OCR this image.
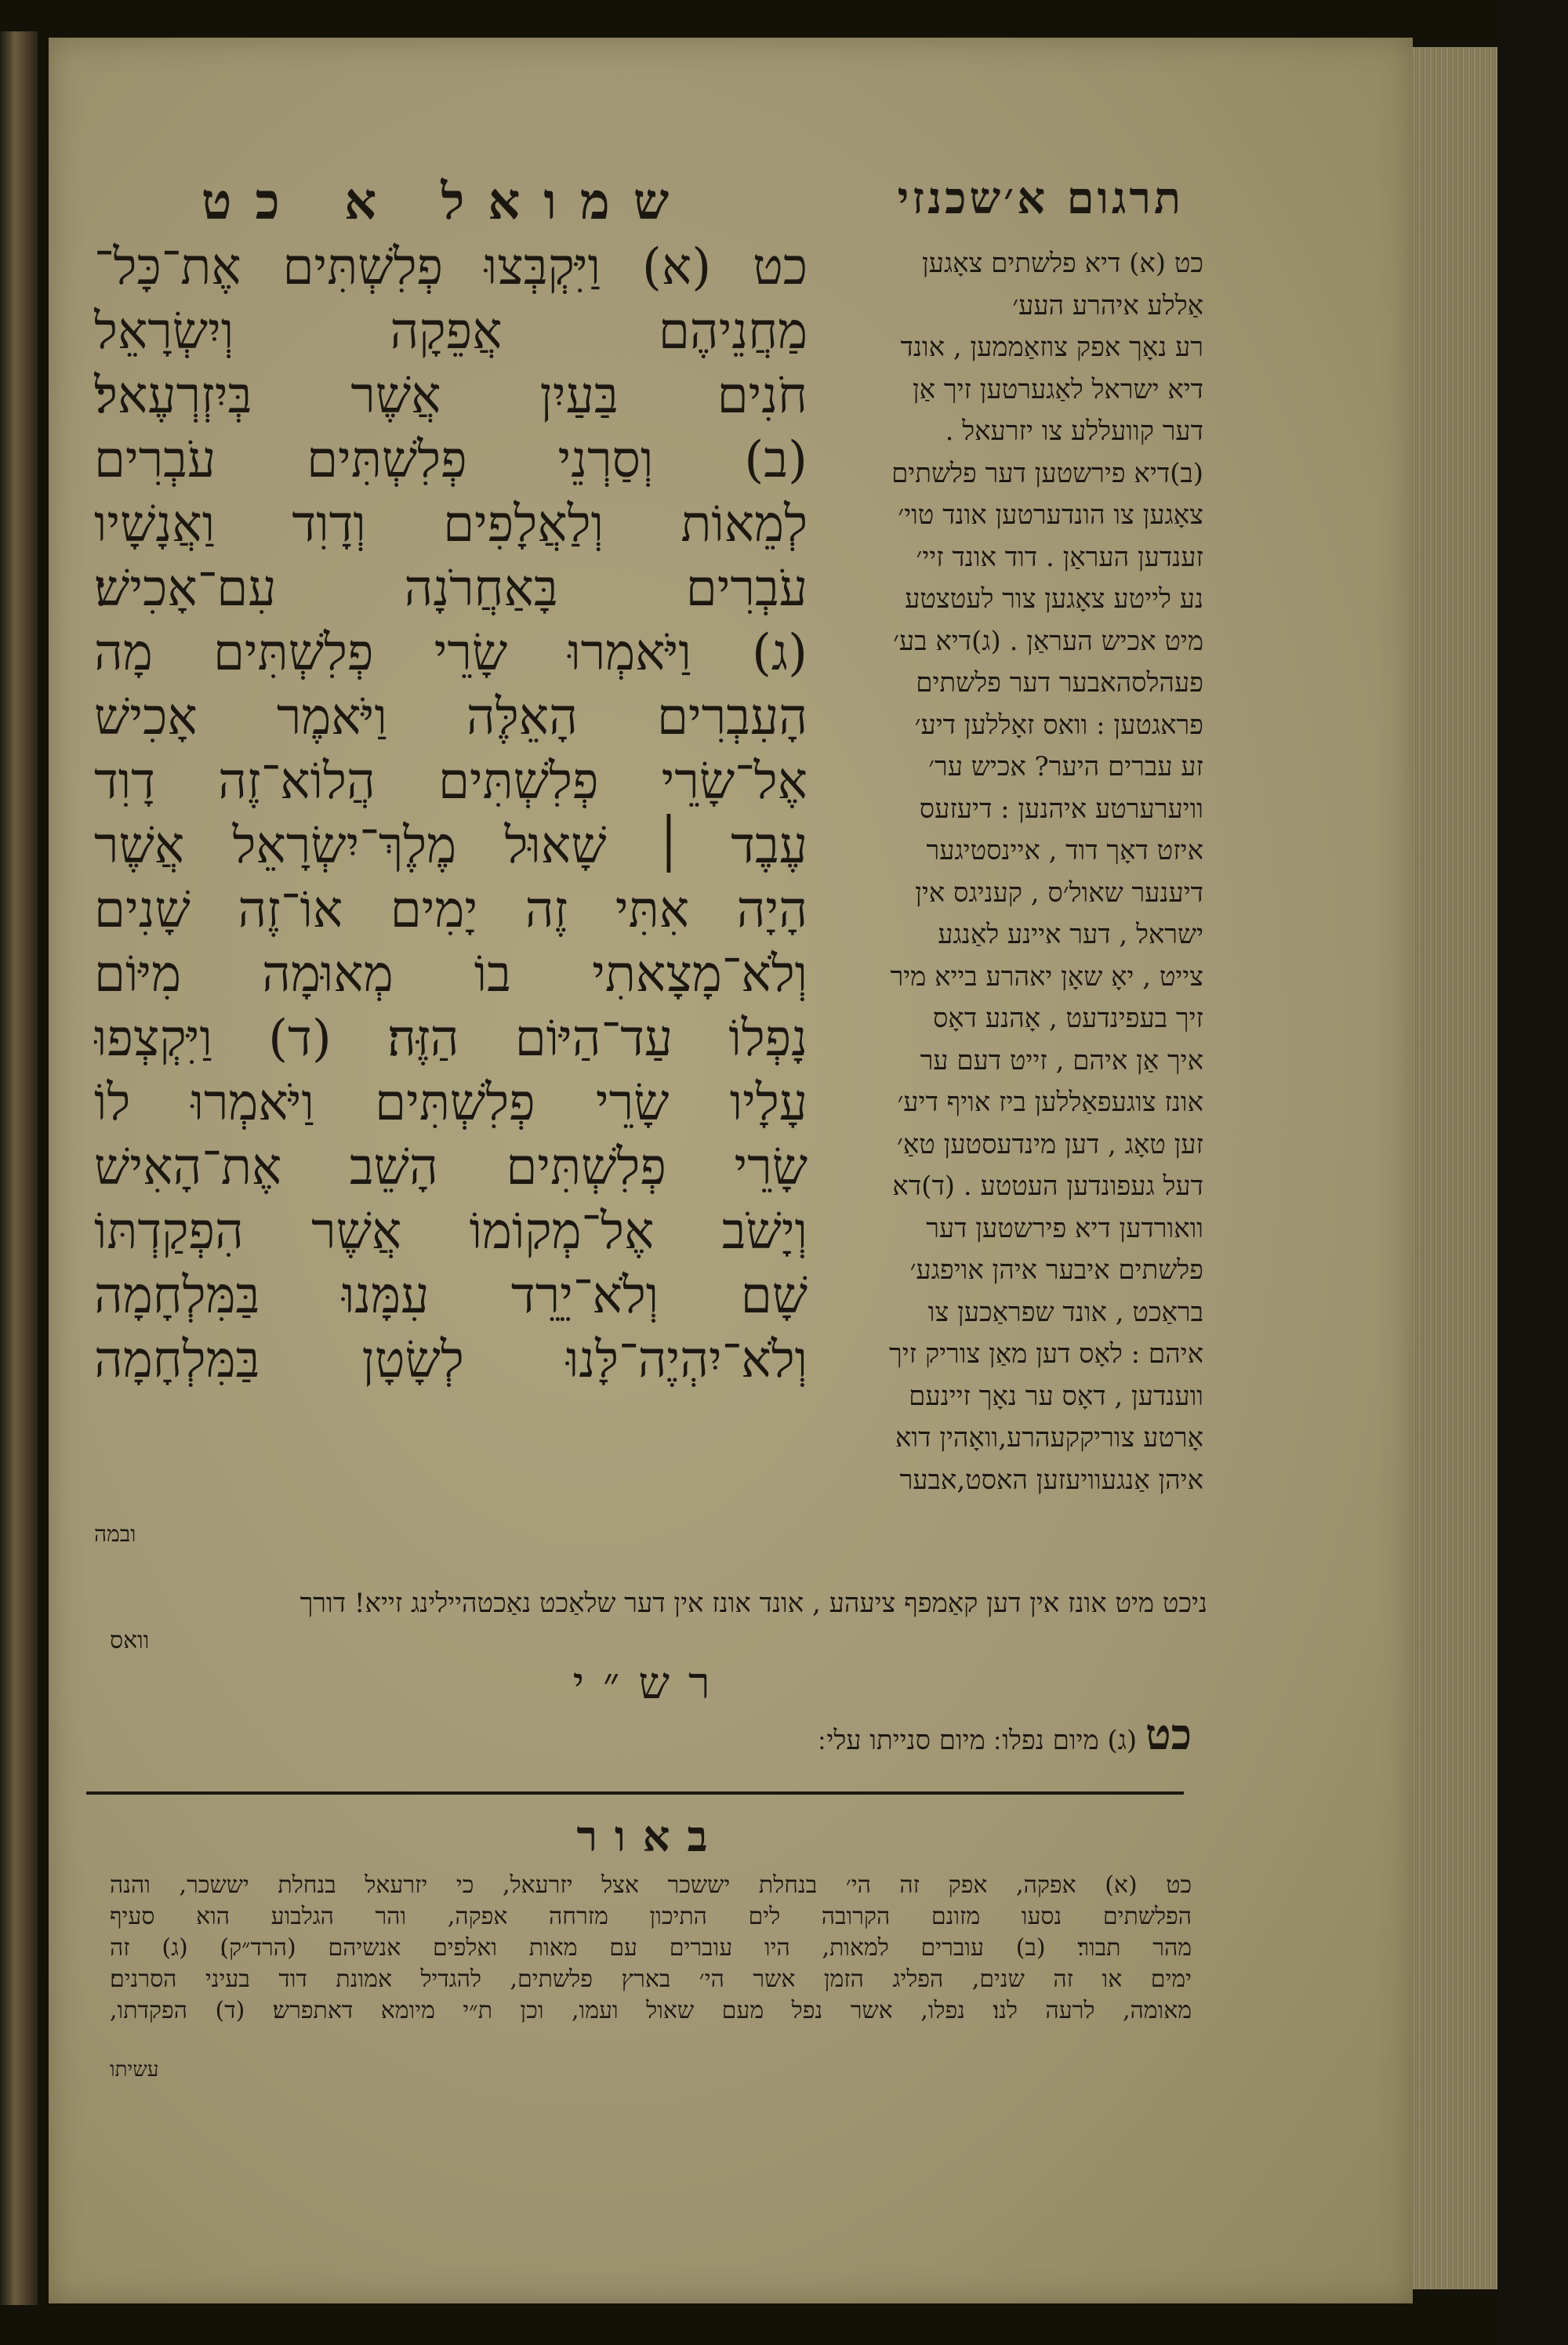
תרגום א׳שכנזי
שמואל א כט
כט (א) דיא פלשתים צאָגען
אַללע איהרע העע׳
רע נאָך אפק צוזאַממען , אונד
דיא ישראל לאַגערטען זיך אַן
דער קוועללע צו יזרעאל .
(ב)דיא פירשטען דער פלשתים
צאָגען צו הונדערטען אונד טוי׳
זענדען העראַן . דוד אונד זיי׳
נע לייטע צאָגען צור לעטצטע
מיט אכיש העראַן . (ג)דיא בע׳
פעהלסהאבער דער פלשתים
פראגטען : וואס זאָללען דיע׳
זע עברים היער? אכיש ער׳
וויערערטע איהנען : דיעזעס
איזט דאָך דוד , איינסטיגער
דיענער שאול׳ס , קעניגס אין
ישראל , דער איינע לאַנגע
צייט , יאָ שאָן יאהרע בייא מיר
זיך בעפינדעט , אָהנע דאָס
איך אַן איהם , זייט דעם ער
אונז צוגעפאַללען ביז אויף דיע׳
זען טאָג , דען מינדעסטען טאַ׳
דעל געפונדען העטטע . (ד)דא
וואורדען דיא פירשטען דער
פלשתים איבער איהן אויפגע׳
בראַכט , אונד שפראַכען צו
איהם : לאָס דען מאַן צוריק זיך
ווענדען , דאָס ער נאָך זיינעם
אָרטע צוריקקעהרע,וואָהין דוא
איהן אַנגעוויעזען האסט,אבער
כט (א) וַיִּקְבְּצוּ פְלִשְׁתִּים אֶת־כָּל־
מַחֲנֵיהֶם אֲפֵקָה וְיִשְׂרָאֵל
חֹנִים בַּעַיִן אֲשֶׁר בְּיִזְרְעֶאל׃
(ב) וְסַרְנֵי פְלִשְׁתִּים עֹבְרִים
לְמֵאוֹת וְלַאֲלָפִים וְדָוִד וַאֲנָשָׁיו
עֹבְרִים בָּאַחֲרֹנָה עִם־אָכִישׁ׃
(ג) וַיֹּאמְרוּ שָׂרֵי פְלִשְׁתִּים מָה
הָעִבְרִים הָאֵלֶּה וַיֹּאמֶר אָכִישׁ
אֶל־שָׂרֵי פְלִשְׁתִּים הֲלוֹא־זֶה דָוִד
עֶבֶד ׀ שָׁאוּל מֶלֶךְ־יִשְׂרָאֵל אֲשֶׁר
הָיָה אִתִּי זֶה יָמִים אוֹ־זֶה שָׁנִים
וְלֹא־מָצָאתִי בוֹ מְאוּמָה מִיּוֹם
נָפְלוֹ עַד־הַיּוֹם הַזֶּה׃ (ד) וַיִּקְצְפוּ
עָלָיו שָׂרֵי פְלִשְׁתִּים וַיֹּאמְרוּ לוֹ
שָׂרֵי פְלִשְׁתִּים הָשֵׁב אֶת־הָאִישׁ
וְיָשֹׁב אֶל־מְקוֹמוֹ אֲשֶׁר הִפְקַדְתּוֹ
שָׁם וְלֹא־יֵרֵד עִמָּנוּ בַּמִּלְחָמָה
וְלֹא־יִהְיֶה־לָּנוּ לְשָׂטָן בַּמִּלְחָמָה
ובמה
ניכט מיט אונז אין דען קאַמפף ציעהע , אונד אונז אין דער שלאַכט נאַכטהיילינג זייא! דורך
וואס
רש״י
כט (ג) מיום נפלו ׃ מיום סנייתו עלי ׃
באור
כט (א) אפקה, אפק זה הי׳ בנחלת יששכר אצל יזרעאל, כי יזרעאל בנחלת יששכר, והנה
הפלשתים נסעו מזונם הקרובה לים התיכון מזרחה אפקה, והר הגלבוע הוא סעיף
מהר תבור׃ (ב) עוברים למאות, היו עוברים עם מאות ואלפים אנשיהם (הרד״ק)׃ (ג) זה
ימים או זה שנים, הפליג הזמן אשר הי׳ בארץ פלשתים, להגדיל אמונת דוד בעיני הסרנים׃
מאומה, לרעה לנו׃ נפלו, אשר נפל מעם שאול ועמו, וכן ת״י מיומא דאתפרש׃ (ד) הפקדתו,
עשיתו
